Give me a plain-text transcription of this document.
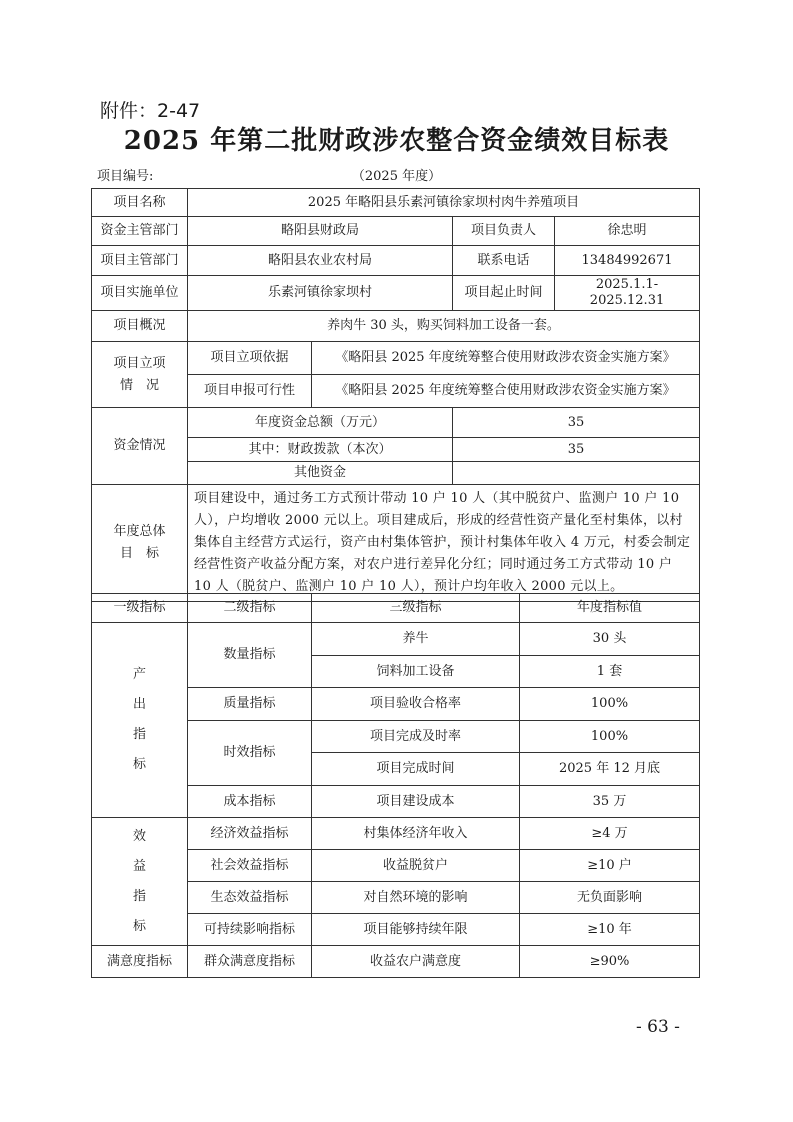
附件：2-47
2025 年第二批财政涉农整合资金绩效目标表
项目编号:	（2025 年度）
项目名称	2025 年略阳县乐素河镇徐家坝村肉牛养殖项目			
资金主管部门	略阳县财政局		项目负责人	徐忠明
项目主管部门	略阳县农业农村局		联系电话	13484992671
项目实施单位	乐素河镇徐家坝村		项目起止时间	2025.1.1-2025.12.31
项目概况	养肉牛 30 头，购买饲料加工设备一套。			

项目立项
情　况	项目立项依据	《略阳县 2025 年度统筹整合使用财政涉农资金实施方案》		
	项目申报可行性	《略阳县 2025 年度统筹整合使用财政涉农资金实施方案》		
资金情况	年度资金总额（万元）		35	
	其中：财政拨款（本次）		35	
	其他资金			

年度总体
目　标	项目建设中，通过务工方式预计带动 10 户 10 人（其中脱贫户、监测户 10 户 10 人），户均增收 2000 元以上。项目建成后，形成的经营性资产量化至村集体，以村集体自主经营方式运行，资产由村集体管护，预计村集体年收入 4 万元，村委会制定经营性资产收益分配方案，对农户进行差异化分红；同时通过务工方式带动 10 户 10 人（脱贫户、监测户 10 户 10 人），预计户均年收入 2000 元以上。			
一级指标	二级指标	三级指标	年度指标值

产
出
指
标	数量指标	养牛	30 头
		饲料加工设备	1 套
	质量指标	项目验收合格率	100%
	时效指标	项目完成及时率	100%
		项目完成时间	2025 年 12 月底
	成本指标	项目建设成本	35 万

效
益
指
标	经济效益指标	村集体经济年收入	≥4 万
	社会效益指标	收益脱贫户	≥10 户
	生态效益指标	对自然环境的影响	无负面影响
	可持续影响指标	项目能够持续年限	≥10 年
满意度指标	群众满意度指标	收益农户满意度	≥90%
- 63 -
